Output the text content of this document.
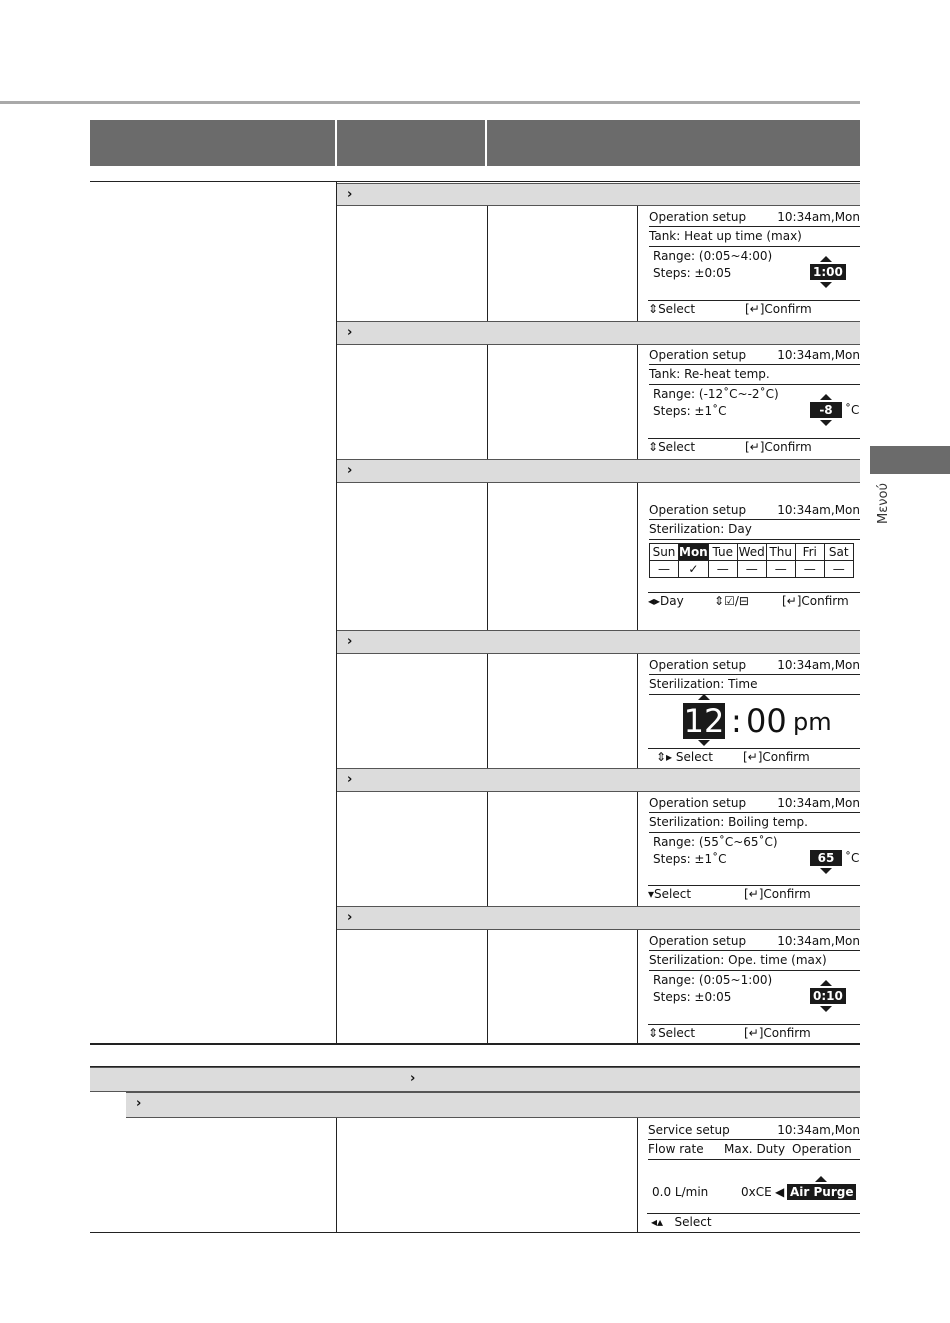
Μενού
›
›
›
›
›
›
›
›
Operation setup	10:34am,Mon
Tank: Heat up time (max)
Range: (0:05~4:00)
Steps: ±0:05	1:00
⇕Select	[↵]Confirm
Operation setup	10:34am,Mon
Tank: Re-heat temp.
Range: (-12˚C~-2˚C)
Steps: ±1˚C	-8	˚C
⇕Select	[↵]Confirm
Operation setup	10:34am,Mon
Sterilization: Day
Sun	Mon	Tue	Wed	Thu	Fri	Sat
—	✓	—	—	—	—	—
◂▸Day	⇕☑/⊟	[↵]Confirm
Operation setup	10:34am,Mon
Sterilization: Time
12 : 00 pm
⇕▸ Select	[↵]Confirm
Operation setup	10:34am,Mon
Sterilization: Boiling temp.
Range: (55˚C~65˚C)
Steps: ±1˚C	65 ˚C
▾Select	[↵]Confirm
Operation setup	10:34am,Mon
Sterilization: Ope. time (max)
Range: (0:05~1:00)
Steps: ±0:05	0:10
⇕Select	[↵]Confirm
Service setup	10:34am,Mon
Flow rate	Max. Duty Operation
0.0 L/min	0xCE ◀ Air Purge
◂▴ Select
